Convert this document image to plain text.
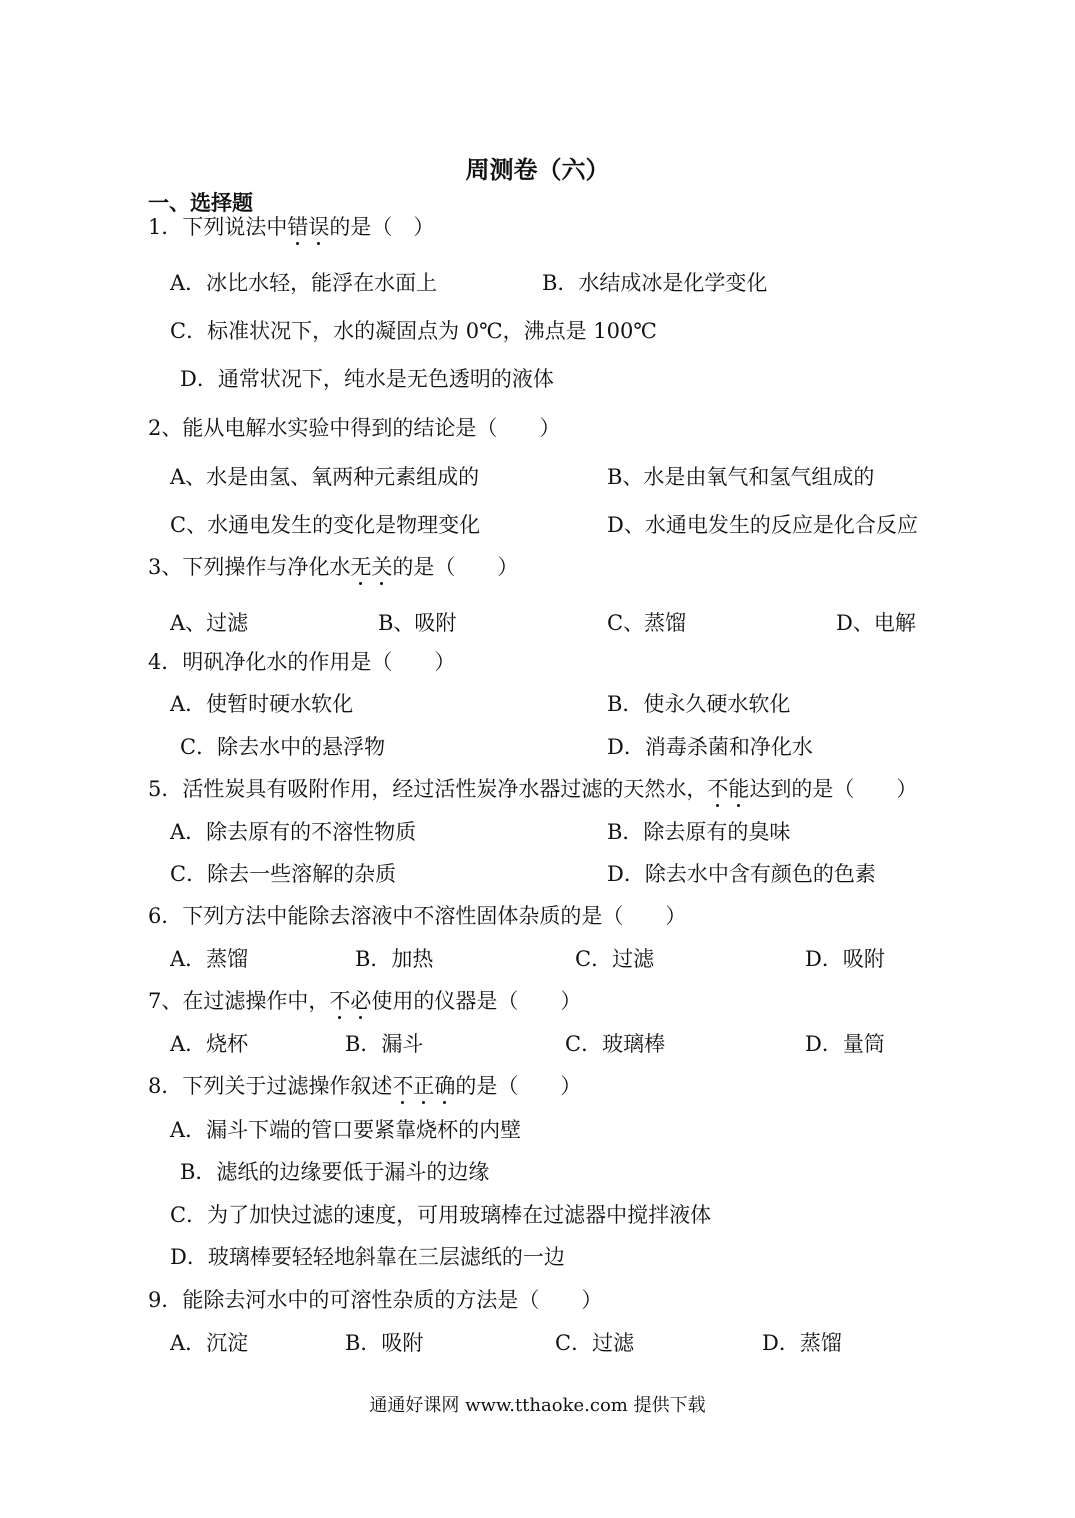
周测卷（六）
一、选择题
1．下列说法中错误的是（　）
A．冰比水轻，能浮在水面上	B．水结成冰是化学变化
C．标准状况下，水的凝固点为 0℃，沸点是 100℃
D．通常状况下，纯水是无色透明的液体
2、能从电解水实验中得到的结论是（　　）
A、水是由氢、氧两种元素组成的	B、水是由氧气和氢气组成的
C、水通电发生的变化是物理变化	D、水通电发生的反应是化合反应
3、下列操作与净化水无关的是（　　）
A、过滤	B、吸附	C、蒸馏	D、电解
4．明矾净化水的作用是（　　）
A．使暂时硬水软化	B．使永久硬水软化
C．除去水中的悬浮物	D．消毒杀菌和净化水
5．活性炭具有吸附作用，经过活性炭净水器过滤的天然水，不能达到的是（　　）
A．除去原有的不溶性物质	B．除去原有的臭味
C．除去一些溶解的杂质	D．除去水中含有颜色的色素
6．下列方法中能除去溶液中不溶性固体杂质的是（　　）
A．蒸馏	B．加热	C．过滤	D．吸附
7、在过滤操作中，不必使用的仪器是（　　）
A．烧杯	B．漏斗	C．玻璃棒	D．量筒
8．下列关于过滤操作叙述不正确的是（　　）
A．漏斗下端的管口要紧靠烧杯的内壁
B．滤纸的边缘要低于漏斗的边缘
C．为了加快过滤的速度，可用玻璃棒在过滤器中搅拌液体
D．玻璃棒要轻轻地斜靠在三层滤纸的一边
9．能除去河水中的可溶性杂质的方法是（　　）
A．沉淀	B．吸附	C．过滤	D．蒸馏
通通好课网 www.tthaoke.com 提供下载
